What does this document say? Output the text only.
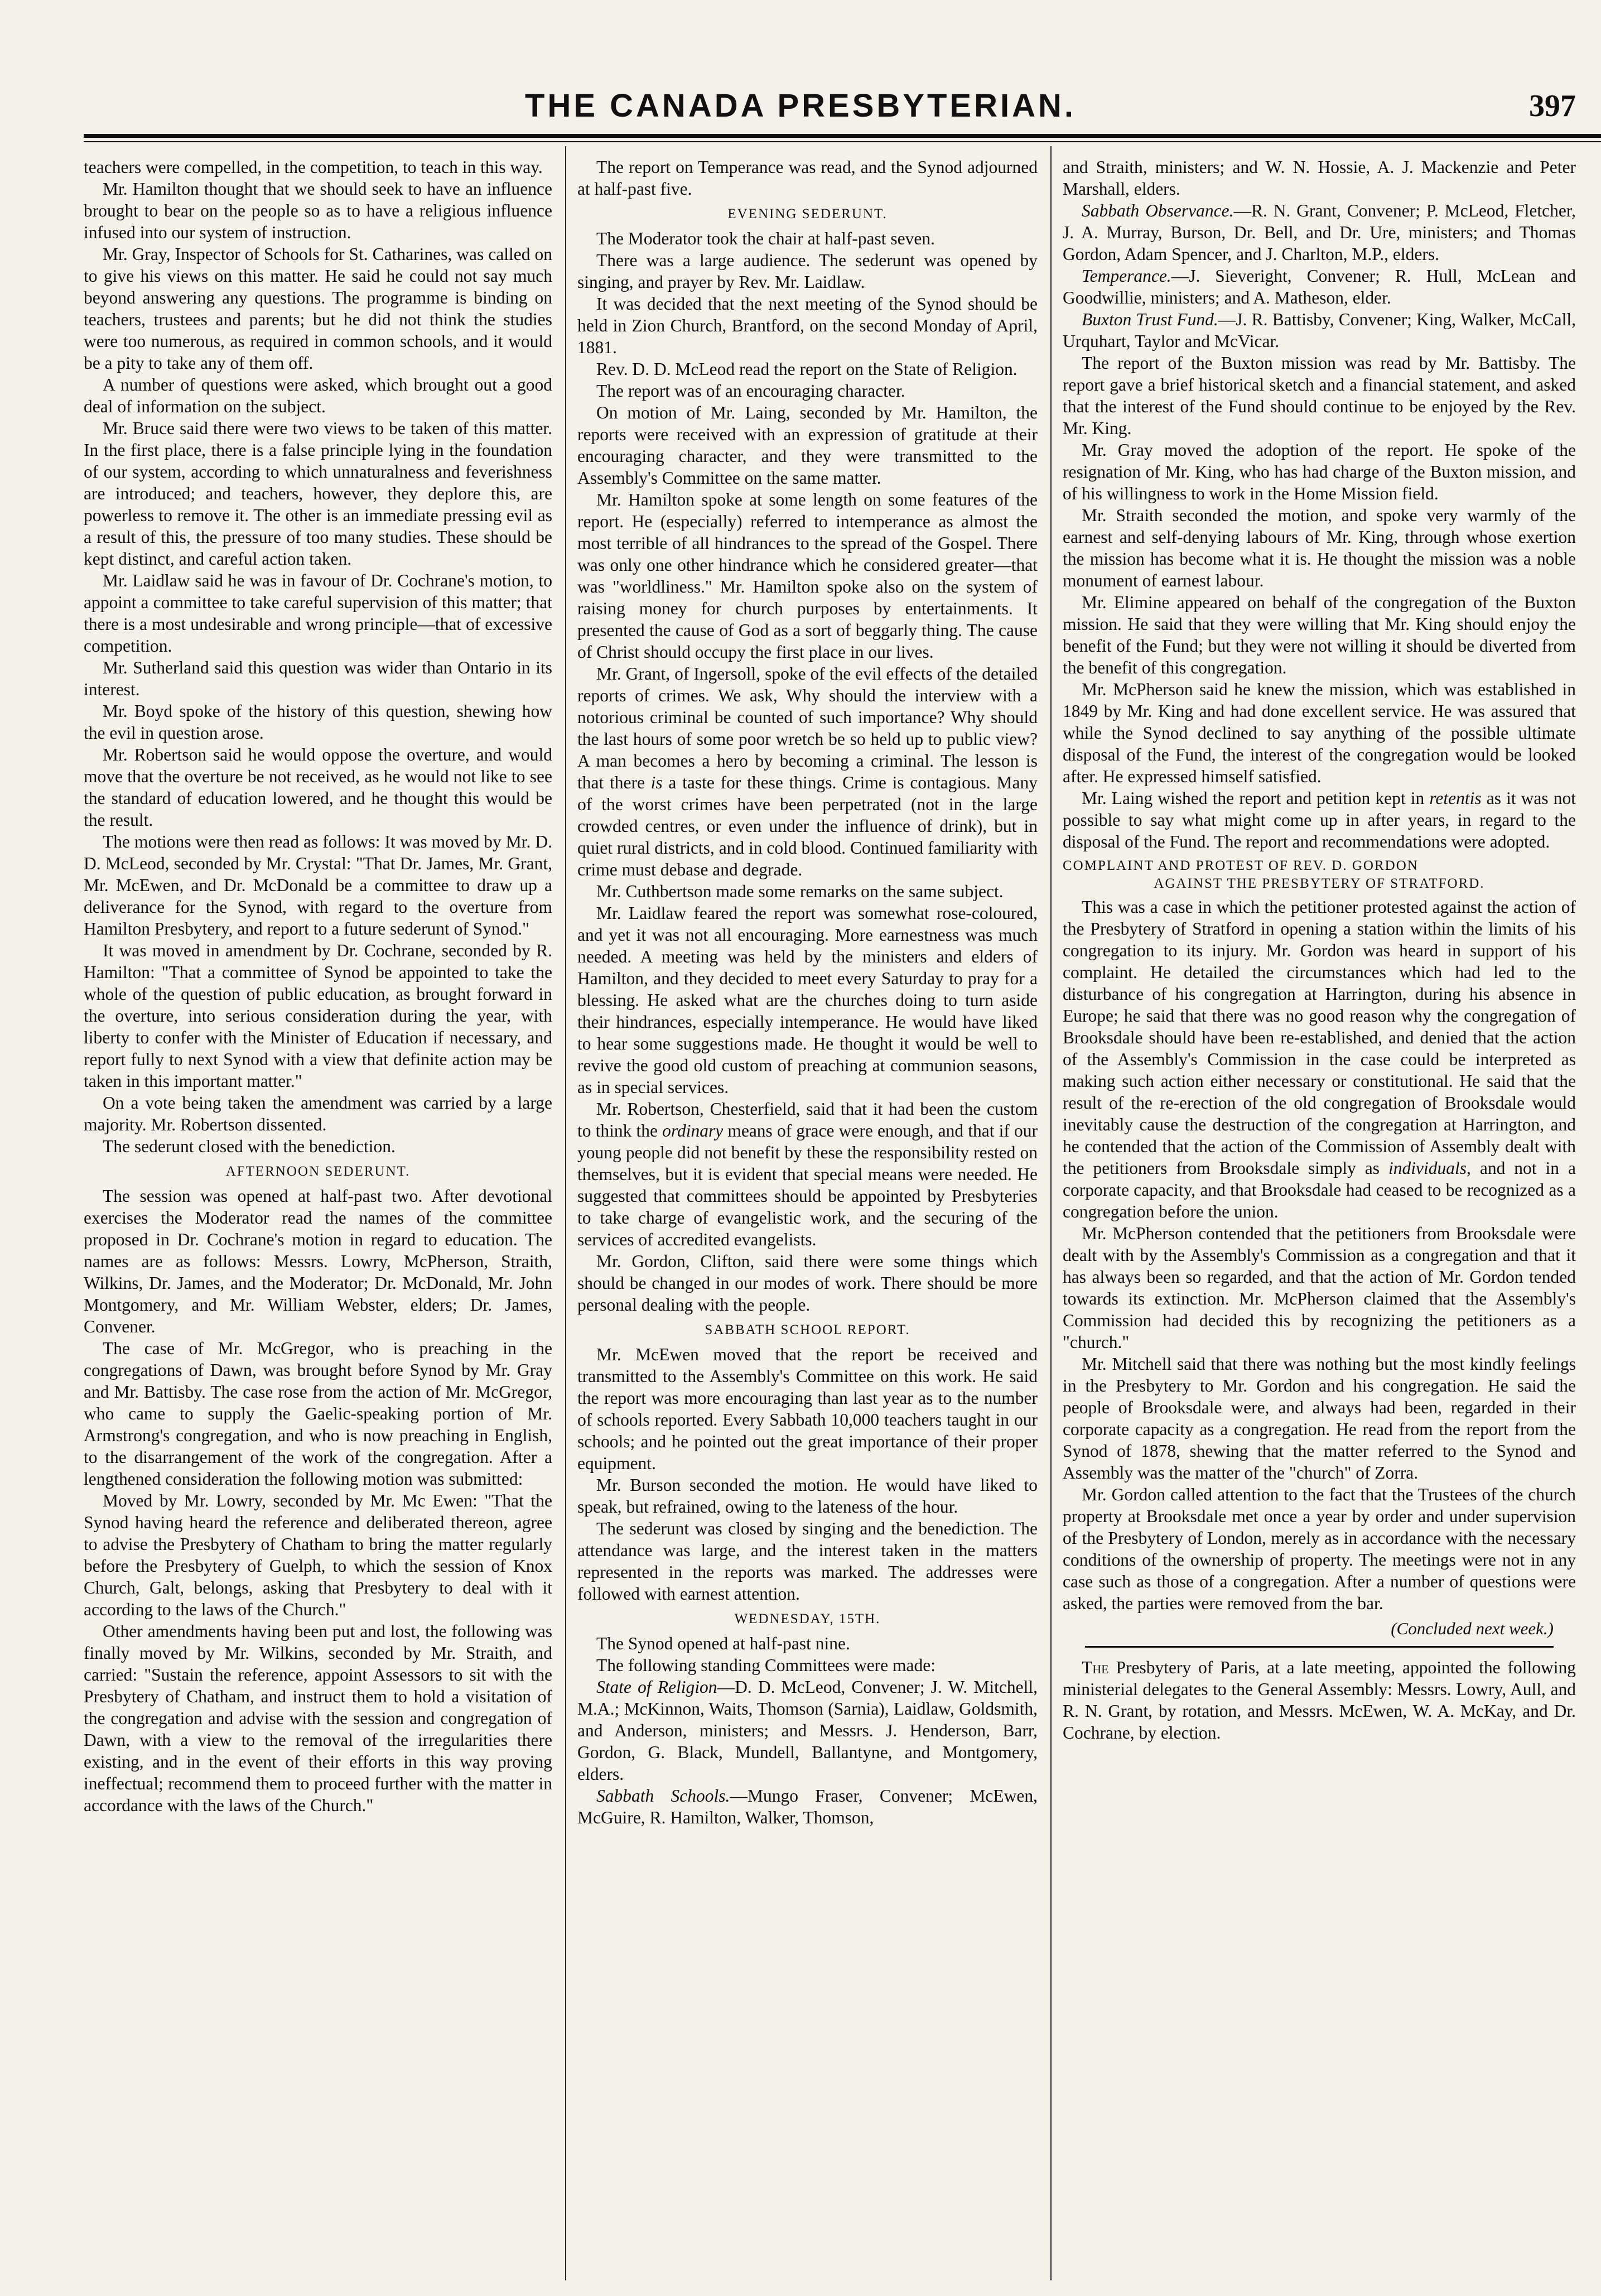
THE CANADA PRESBYTERIAN.	397

teachers were compelled, in the competition, to teach in this way.

Mr. Hamilton thought that we should seek to have an influence brought to bear on the people so as to have a religious influence infused into our system of instruction.

Mr. Gray, Inspector of Schools for St. Catharines, was called on to give his views on this matter. He said he could not say much beyond answering any questions. The programme is binding on teachers, trustees and parents; but he did not think the studies were too numerous, as required in common schools, and it would be a pity to take any of them off.

A number of questions were asked, which brought out a good deal of information on the subject.

Mr. Bruce said there were two views to be taken of this matter. In the first place, there is a false principle lying in the foundation of our system, according to which unnaturalness and feverishness are introduced; and teachers, however, they deplore this, are powerless to remove it. The other is an immediate pressing evil as a result of this, the pressure of too many studies. These should be kept distinct, and careful action taken.

Mr. Laidlaw said he was in favour of Dr. Cochrane's motion, to appoint a committee to take careful supervision of this matter; that there is a most undesirable and wrong principle—that of excessive competition.

Mr. Sutherland said this question was wider than Ontario in its interest.

Mr. Boyd spoke of the history of this question, shewing how the evil in question arose.

Mr. Robertson said he would oppose the overture, and would move that the overture be not received, as he would not like to see the standard of education lowered, and he thought this would be the result.

The motions were then read as follows: It was moved by Mr. D. D. McLeod, seconded by Mr. Crystal: "That Dr. James, Mr. Grant, Mr. McEwen, and Dr. McDonald be a committee to draw up a deliverance for the Synod, with regard to the overture from Hamilton Presbytery, and report to a future sederunt of Synod."

It was moved in amendment by Dr. Cochrane, seconded by R. Hamilton: "That a committee of Synod be appointed to take the whole of the question of public education, as brought forward in the overture, into serious consideration during the year, with liberty to confer with the Minister of Education if necessary, and report fully to next Synod with a view that definite action may be taken in this important matter."

On a vote being taken the amendment was carried by a large majority. Mr. Robertson dissented.

The sederunt closed with the benediction.

AFTERNOON SEDERUNT.

The session was opened at half-past two. After devotional exercises the Moderator read the names of the committee proposed in Dr. Cochrane's motion in regard to education. The names are as follows: Messrs. Lowry, McPherson, Straith, Wilkins, Dr. James, and the Moderator; Dr. McDonald, Mr. John Montgomery, and Mr. William Webster, elders; Dr. James, Convener.

The case of Mr. McGregor, who is preaching in the congregations of Dawn, was brought before Synod by Mr. Gray and Mr. Battisby. The case rose from the action of Mr. McGregor, who came to supply the Gaelic-speaking portion of Mr. Armstrong's congregation, and who is now preaching in English, to the disarrangement of the work of the congregation. After a lengthened consideration the following motion was submitted:

Moved by Mr. Lowry, seconded by Mr. Mc Ewen: "That the Synod having heard the reference and deliberated thereon, agree to advise the Presbytery of Chatham to bring the matter regularly before the Presbytery of Guelph, to which the session of Knox Church, Galt, belongs, asking that Presbytery to deal with it according to the laws of the Church."

Other amendments having been put and lost, the following was finally moved by Mr. Wilkins, seconded by Mr. Straith, and carried: "Sustain the reference, appoint Assessors to sit with the Presbytery of Chatham, and instruct them to hold a visitation of the congregation and advise with the session and congregation of Dawn, with a view to the removal of the irregularities there existing, and in the event of their efforts in this way proving ineffectual; recommend them to proceed further with the matter in accordance with the laws of the Church."

The report on Temperance was read, and the Synod adjourned at half-past five.

EVENING SEDERUNT.

The Moderator took the chair at half-past seven.

There was a large audience. The sederunt was opened by singing, and prayer by Rev. Mr. Laidlaw.

It was decided that the next meeting of the Synod should be held in Zion Church, Brantford, on the second Monday of April, 1881.

Rev. D. D. McLeod read the report on the State of Religion.

The report was of an encouraging character.

On motion of Mr. Laing, seconded by Mr. Hamilton, the reports were received with an expression of gratitude at their encouraging character, and they were transmitted to the Assembly's Committee on the same matter.

Mr. Hamilton spoke at some length on some features of the report. He (especially) referred to intemperance as almost the most terrible of all hindrances to the spread of the Gospel. There was only one other hindrance which he considered greater—that was "worldliness." Mr. Hamilton spoke also on the system of raising money for church purposes by entertainments. It presented the cause of God as a sort of beggarly thing. The cause of Christ should occupy the first place in our lives.

Mr. Grant, of Ingersoll, spoke of the evil effects of the detailed reports of crimes. We ask, Why should the interview with a notorious criminal be counted of such importance? Why should the last hours of some poor wretch be so held up to public view? A man becomes a hero by becoming a criminal. The lesson is that there is a taste for these things. Crime is contagious. Many of the worst crimes have been perpetrated (not in the large crowded centres, or even under the influence of drink), but in quiet rural districts, and in cold blood. Continued familiarity with crime must debase and degrade.

Mr. Cuthbertson made some remarks on the same subject.

Mr. Laidlaw feared the report was somewhat rose-coloured, and yet it was not all encouraging. More earnestness was much needed. A meeting was held by the ministers and elders of Hamilton, and they decided to meet every Saturday to pray for a blessing. He asked what are the churches doing to turn aside their hindrances, especially intemperance. He would have liked to hear some suggestions made. He thought it would be well to revive the good old custom of preaching at communion seasons, as in special services.

Mr. Robertson, Chesterfield, said that it had been the custom to think the ordinary means of grace were enough, and that if our young people did not benefit by these the responsibility rested on themselves, but it is evident that special means were needed. He suggested that committees should be appointed by Presbyteries to take charge of evangelistic work, and the securing of the services of accredited evangelists.

Mr. Gordon, Clifton, said there were some things which should be changed in our modes of work. There should be more personal dealing with the people.

SABBATH SCHOOL REPORT.

Mr. McEwen moved that the report be received and transmitted to the Assembly's Committee on this work. He said the report was more encouraging than last year as to the number of schools reported. Every Sabbath 10,000 teachers taught in our schools; and he pointed out the great importance of their proper equipment.

Mr. Burson seconded the motion. He would have liked to speak, but refrained, owing to the lateness of the hour.

The sederunt was closed by singing and the benediction. The attendance was large, and the interest taken in the matters represented in the reports was marked. The addresses were followed with earnest attention.

WEDNESDAY, 15TH.

The Synod opened at half-past nine.

The following standing Committees were made:

State of Religion—D. D. McLeod, Convener; J. W. Mitchell, M.A.; McKinnon, Waits, Thomson (Sarnia), Laidlaw, Goldsmith, and Anderson, ministers; and Messrs. J. Henderson, Barr, Gordon, G. Black, Mundell, Ballantyne, and Montgomery, elders.

Sabbath Schools.—Mungo Fraser, Convener; McEwen, McGuire, R. Hamilton, Walker, Thomson,

and Straith, ministers; and W. N. Hossie, A. J. Mackenzie and Peter Marshall, elders.

Sabbath Observance.—R. N. Grant, Convener; P. McLeod, Fletcher, J. A. Murray, Burson, Dr. Bell, and Dr. Ure, ministers; and Thomas Gordon, Adam Spencer, and J. Charlton, M.P., elders.

Temperance.—J. Sieveright, Convener; R. Hull, McLean and Goodwillie, ministers; and A. Matheson, elder.

Buxton Trust Fund.—J. R. Battisby, Convener; King, Walker, McCall, Urquhart, Taylor and McVicar.

The report of the Buxton mission was read by Mr. Battisby. The report gave a brief historical sketch and a financial statement, and asked that the interest of the Fund should continue to be enjoyed by the Rev. Mr. King.

Mr. Gray moved the adoption of the report. He spoke of the resignation of Mr. King, who has had charge of the Buxton mission, and of his willingness to work in the Home Mission field.

Mr. Straith seconded the motion, and spoke very warmly of the earnest and self-denying labours of Mr. King, through whose exertion the mission has become what it is. He thought the mission was a noble monument of earnest labour.

Mr. Elimine appeared on behalf of the congregation of the Buxton mission. He said that they were willing that Mr. King should enjoy the benefit of the Fund; but they were not willing it should be diverted from the benefit of this congregation.

Mr. McPherson said he knew the mission, which was established in 1849 by Mr. King and had done excellent service. He was assured that while the Synod declined to say anything of the possible ultimate disposal of the Fund, the interest of the congregation would be looked after. He expressed himself satisfied.

Mr. Laing wished the report and petition kept in retentis as it was not possible to say what might come up in after years, in regard to the disposal of the Fund. The report and recommendations were adopted.

COMPLAINT AND PROTEST OF REV. D. GORDON
AGAINST THE PRESBYTERY OF STRATFORD.

This was a case in which the petitioner protested against the action of the Presbytery of Stratford in opening a station within the limits of his congregation to its injury. Mr. Gordon was heard in support of his complaint. He detailed the circumstances which had led to the disturbance of his congregation at Harrington, during his absence in Europe; he said that there was no good reason why the congregation of Brooksdale should have been re-established, and denied that the action of the Assembly's Commission in the case could be interpreted as making such action either necessary or constitutional. He said that the result of the re-erection of the old congregation of Brooksdale would inevitably cause the destruction of the congregation at Harrington, and he contended that the action of the Commission of Assembly dealt with the petitioners from Brooksdale simply as individuals, and not in a corporate capacity, and that Brooksdale had ceased to be recognized as a congregation before the union.

Mr. McPherson contended that the petitioners from Brooksdale were dealt with by the Assembly's Commission as a congregation and that it has always been so regarded, and that the action of Mr. Gordon tended towards its extinction. Mr. McPherson claimed that the Assembly's Commission had decided this by recognizing the petitioners as a "church."

Mr. Mitchell said that there was nothing but the most kindly feelings in the Presbytery to Mr. Gordon and his congregation. He said the people of Brooksdale were, and always had been, regarded in their corporate capacity as a congregation. He read from the report from the Synod of 1878, shewing that the matter referred to the Synod and Assembly was the matter of the "church" of Zorra.

Mr. Gordon called attention to the fact that the Trustees of the church property at Brooksdale met once a year by order and under supervision of the Presbytery of London, merely as in accordance with the necessary conditions of the ownership of property. The meetings were not in any case such as those of a congregation. After a number of questions were asked, the parties were removed from the bar.

(Concluded next week.)

The Presbytery of Paris, at a late meeting, appointed the following ministerial delegates to the General Assembly: Messrs. Lowry, Aull, and R. N. Grant, by rotation, and Messrs. McEwen, W. A. McKay, and Dr. Cochrane, by election.
